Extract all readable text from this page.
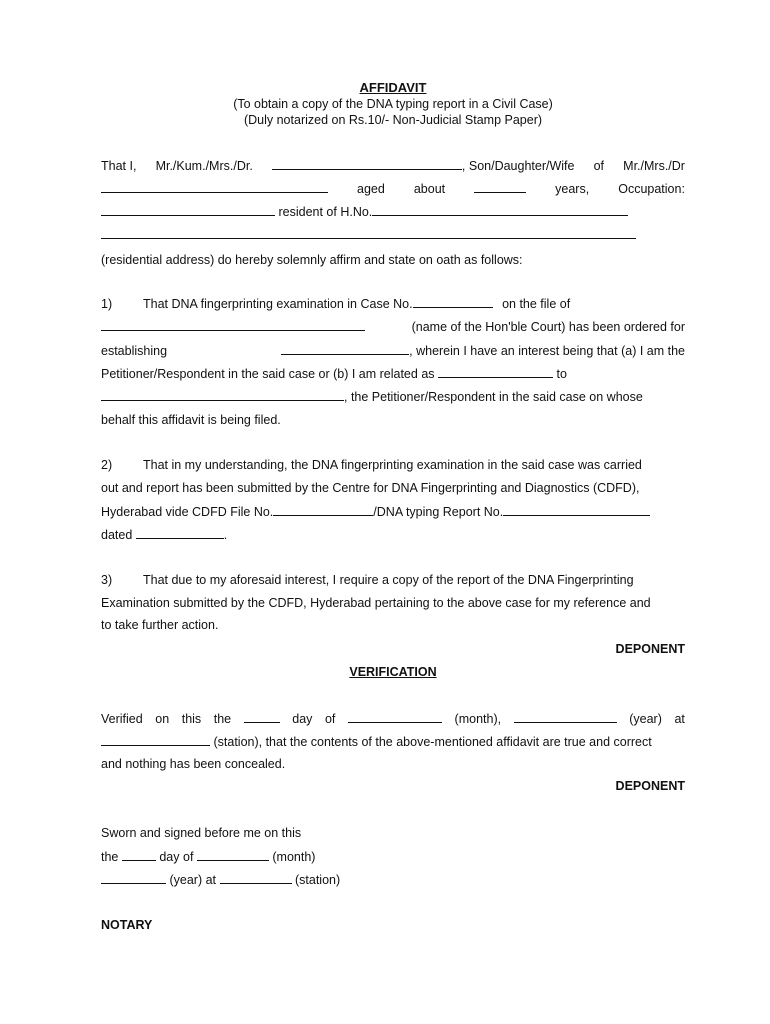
AFFIDAVIT
(To obtain a copy of the DNA typing report in a Civil Case)
(Duly notarized on Rs.10/- Non-Judicial Stamp Paper)
That I, Mr./Kum./Mrs./Dr.	, Son/Daughter/Wife of Mr./Mrs./Dr
aged about	years, Occupation:
resident of H.No.
(residential address) do hereby solemnly affirm and state on oath as follows:
1) That DNA fingerprinting examination in Case No.	on the file of
(name of the Hon'ble Court) has been ordered for
establishing	, wherein I have an interest being that (a) I am the
Petitioner/Respondent in the said case or (b) I am related as	to
, the Petitioner/Respondent in the said case on whose
behalf this affidavit is being filed.
2) That in my understanding, the DNA fingerprinting examination in the said case was carried
out and report has been submitted by the Centre for DNA Fingerprinting and Diagnostics (CDFD),
Hyderabad vide CDFD File No.	/DNA typing Report No.
dated	.
3) That due to my aforesaid interest, I require a copy of the report of the DNA Fingerprinting
Examination submitted by the CDFD, Hyderabad pertaining to the above case for my reference and
to take further action.
DEPONENT
VERIFICATION
Verified on this the	day of	(month),	(year) at
(station), that the contents of the above-mentioned affidavit are true and correct
and nothing has been concealed.
DEPONENT
Sworn and signed before me on this
the	day of	(month)
(year) at	(station)
NOTARY
